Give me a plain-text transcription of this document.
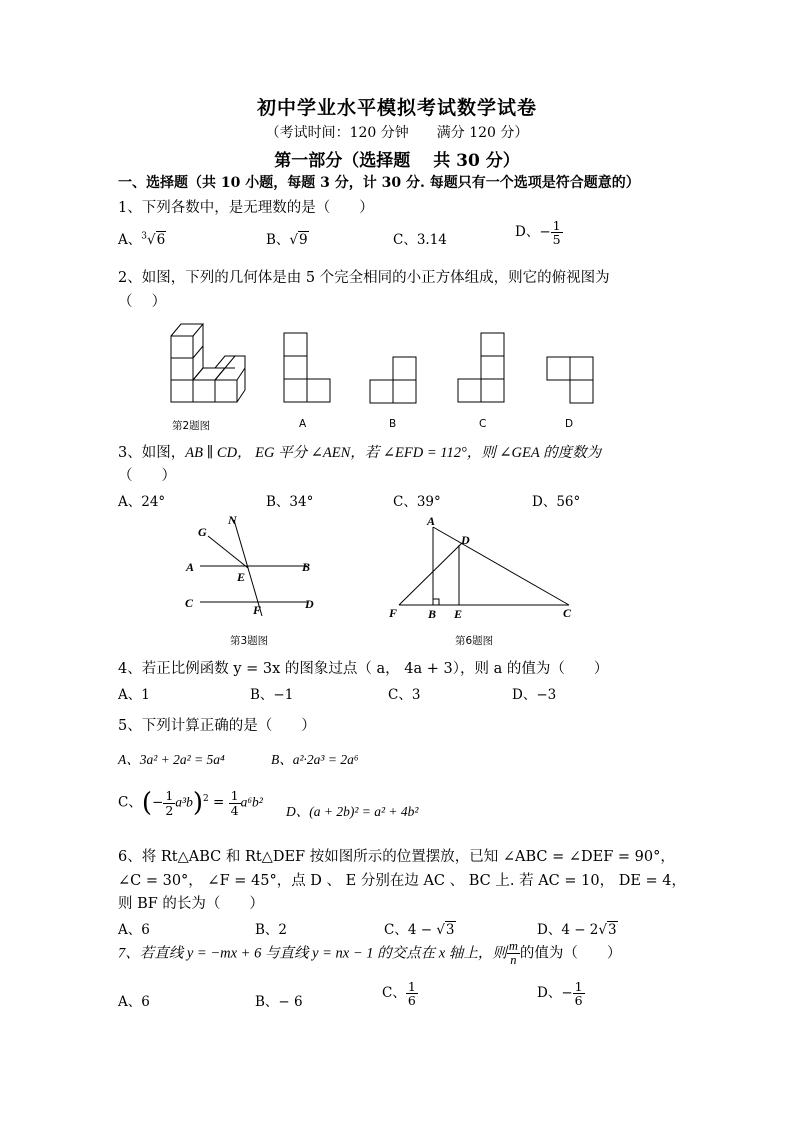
初中学业水平模拟考试数学试卷
（考试时间：120 分钟 满分 120 分）
第一部分（选择题　 共 30 分）
一、选择题（共 10 小题，每题 3 分，计 30 分. 每题只有一个选项是符合题意的）
1、下列各数中，是无理数的是（　　）
A、$^3$√6	B、√9	C、3.14	D、− $\frac{1}{5}$
2、如图，下列的几何体是由 5 个完全相同的小正方体组成，则它的俯视图为
（　 ）
第2题图	A	B	C	D
3、如图，AB ∥ CD， EG 平分 ∠AEN，若 ∠EFD = 112°，则 ∠GEA 的度数为
（　　）
A、24°	B、34°	C、39°	D、56°
G
N
A
E
B
C	F	D
第3题图
A
D
F	B E	C
第6题图
4、若正比例函数 y = 3x 的图象过点（ a， 4a + 3），则 a 的值为（　　）
A、1	B、−1	C、3	D、−3
5、下列计算正确的是（　　）
A、3a² + 2a² = 5a⁴	B、a²·2a³ = 2a⁶
C、(− $\frac{1}{2} a^3b)^2 = \frac{1}{4} a^6b^2$
D、(a + 2b)² = a² + 4b²
6、将 Rt△ABC 和 Rt△DEF 按如图所示的位置摆放，已知 ∠ABC = ∠DEF = 90°，
∠C = 30°， ∠F = 45°，点 D 、 E 分别在边 AC 、 BC 上. 若 AC = 10， DE = 4，
则 BF 的长为（　　）
A、6	B、2	C、4 − √3	D、4 − 2√3
7、若直线 y = −mx + 6 与直线 y = nx − 1 的交点在 x 轴上，则 $\frac{m}{n}$ 的值为（　　）
A、6	B、− 6
C、 $\frac{1}{6}$	D、− $\frac{1}{6}$
